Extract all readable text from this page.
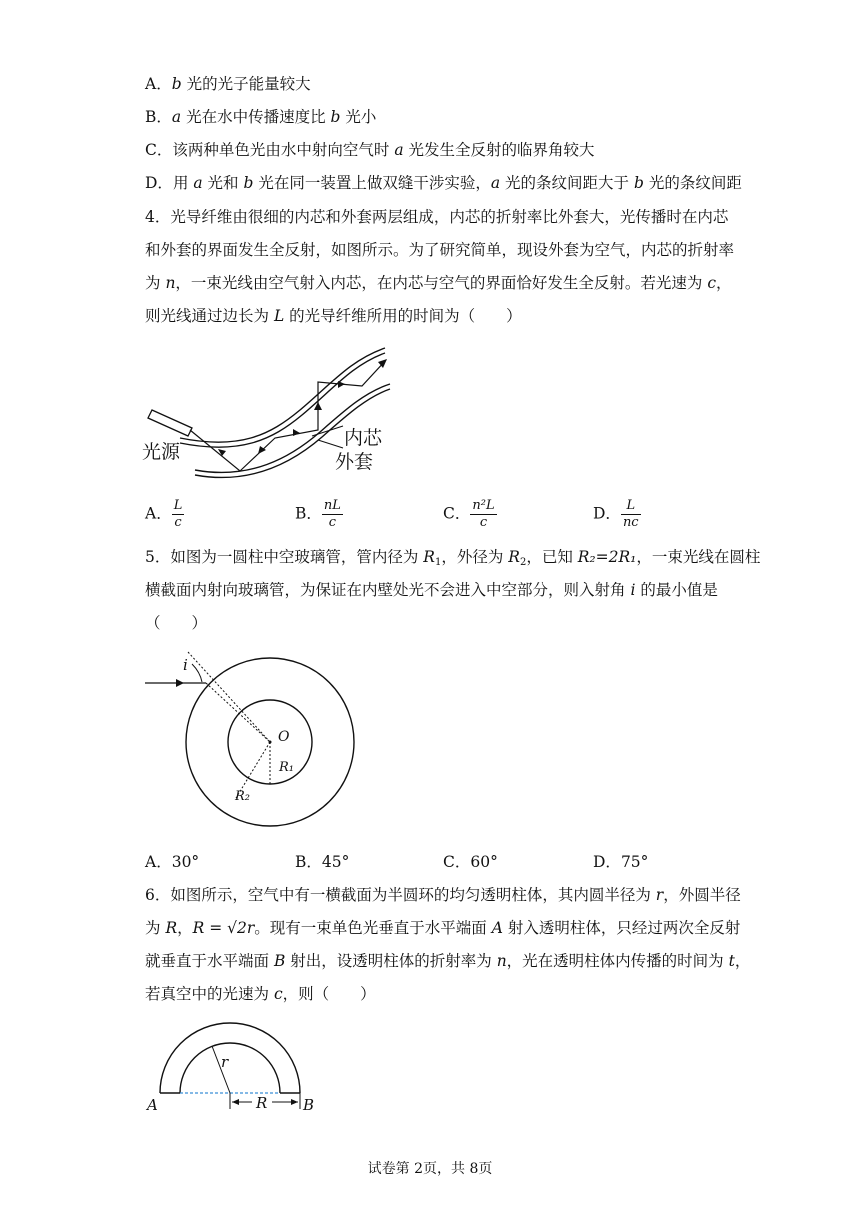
A．b 光的光子能量较大
B．a 光在水中传播速度比 b 光小
C．该两种单色光由水中射向空气时 a 光发生全反射的临界角较大
D．用 a 光和 b 光在同一装置上做双缝干涉实验，a 光的条纹间距大于 b 光的条纹间距
4．光导纤维由很细的内芯和外套两层组成，内芯的折射率比外套大，光传播时在内芯
和外套的界面发生全反射，如图所示。为了研究简单，现设外套为空气，内芯的折射率
为 n，一束光线由空气射入内芯，在内芯与空气的界面恰好发生全反射。若光速为 c，
则光线通过边长为 L 的光导纤维所用的时间为（　　）
内芯
外套
光源
A． $\frac{L}{c}$	B． $\frac{nL}{c}$	C． $\frac{\text{n²L}}{c}$	D． $\frac{L}{nc}$
5．如图为一圆柱中空玻璃管，管内径为 $R_1$，外径为 $R_2$，已知 R₂=2R₁，一束光线在圆柱
横截面内射向玻璃管，为保证在内壁处光不会进入中空部分，则入射角 i 的最小值是
（　　）
i
O
R₁
R₂
A．30°	B．45°	C．60°	D．75°
6．如图所示，空气中有一横截面为半圆环的均匀透明柱体，其内圆半径为 r，外圆半径
为 R，R = √2r。现有一束单色光垂直于水平端面 A 射入透明柱体，只经过两次全反射
就垂直于水平端面 B 射出，设透明柱体的折射率为 n，光在透明柱体内传播的时间为 t，
若真空中的光速为 c，则（　　）
r
R
A	B
试卷第 2页，共 8页
